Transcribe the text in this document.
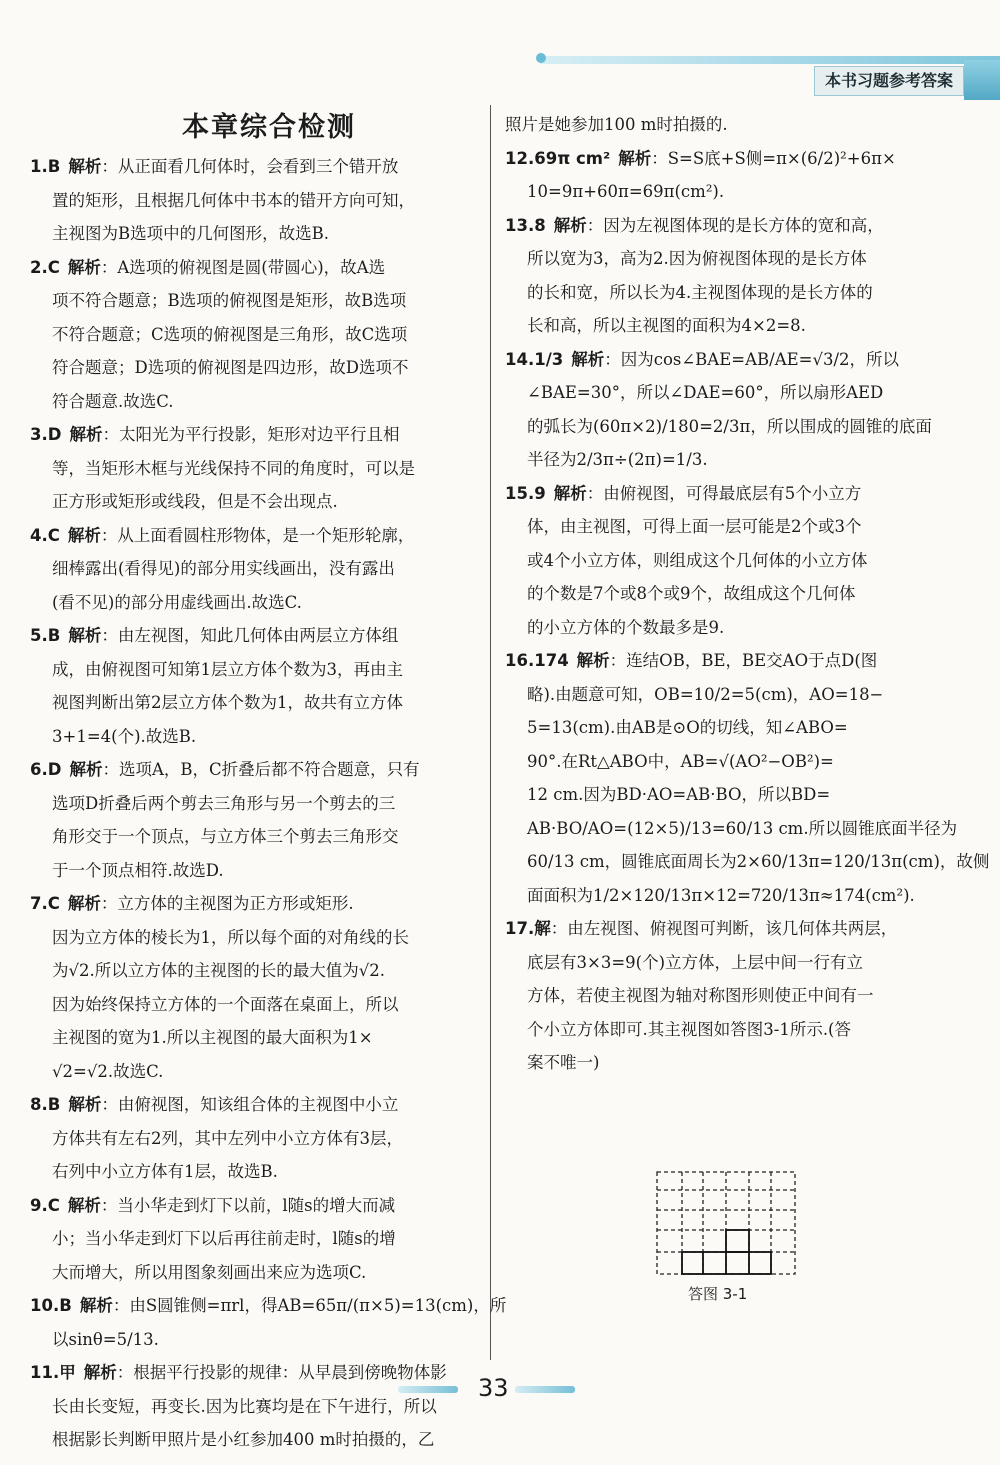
本书习题参考答案
本章综合检测
1.B 解析：从正面看几何体时，会看到三个错开放
置的矩形，且根据几何体中书本的错开方向可知，
主视图为B选项中的几何图形，故选B.
2.C 解析：A选项的俯视图是圆(带圆心)，故A选
项不符合题意；B选项的俯视图是矩形，故B选项
不符合题意；C选项的俯视图是三角形，故C选项
符合题意；D选项的俯视图是四边形，故D选项不
符合题意.故选C.
3.D 解析：太阳光为平行投影，矩形对边平行且相
等，当矩形木框与光线保持不同的角度时，可以是
正方形或矩形或线段，但是不会出现点.
4.C 解析：从上面看圆柱形物体，是一个矩形轮廓，
细棒露出(看得见)的部分用实线画出，没有露出
(看不见)的部分用虚线画出.故选C.
5.B 解析：由左视图，知此几何体由两层立方体组
成，由俯视图可知第1层立方体个数为3，再由主
视图判断出第2层立方体个数为1，故共有立方体
3+1=4(个).故选B.
6.D 解析：选项A，B，C折叠后都不符合题意，只有
选项D折叠后两个剪去三角形与另一个剪去的三
角形交于一个顶点，与立方体三个剪去三角形交
于一个顶点相符.故选D.
7.C 解析：立方体的主视图为正方形或矩形.
因为立方体的棱长为1，所以每个面的对角线的长
为√2.所以立方体的主视图的长的最大值为√2.
因为始终保持立方体的一个面落在桌面上，所以
主视图的宽为1.所以主视图的最大面积为1×
√2=√2.故选C.
8.B 解析：由俯视图，知该组合体的主视图中小立
方体共有左右2列，其中左列中小立方体有3层，
右列中小立方体有1层，故选B.
9.C 解析：当小华走到灯下以前，l随s的增大而减
小；当小华走到灯下以后再往前走时，l随s的增
大而增大，所以用图象刻画出来应为选项C.
10.B 解析：由S圆锥侧=πrl，得AB=65π/(π×5)=13(cm)，所
以sinθ=5/13.
11.甲 解析：根据平行投影的规律：从早晨到傍晚物体影
长由长变短，再变长.因为比赛均是在下午进行，所以
根据影长判断甲照片是小红参加400 m时拍摄的，乙
照片是她参加100 m时拍摄的.
12.69π cm² 解析：S=S底+S侧=π×(6/2)²+6π×
10=9π+60π=69π(cm²).
13.8 解析：因为左视图体现的是长方体的宽和高，
所以宽为3，高为2.因为俯视图体现的是长方体
的长和宽，所以长为4.主视图体现的是长方体的
长和高，所以主视图的面积为4×2=8.
14.1/3 解析：因为cos∠BAE=AB/AE=√3/2，所以
∠BAE=30°，所以∠DAE=60°，所以扇形AED
的弧长为(60π×2)/180=2/3π，所以围成的圆锥的底面
半径为2/3π÷(2π)=1/3.
15.9 解析：由俯视图，可得最底层有5个小立方
体，由主视图，可得上面一层可能是2个或3个
或4个小立方体，则组成这个几何体的小立方体
的个数是7个或8个或9个，故组成这个几何体
的小立方体的个数最多是9.
16.174 解析：连结OB，BE，BE交AO于点D(图
略).由题意可知，OB=10/2=5(cm)，AO=18−
5=13(cm).由AB是⊙O的切线，知∠ABO=
90°.在Rt△ABO中，AB=√(AO²−OB²)=
12 cm.因为BD·AO=AB·BO，所以BD=
AB·BO/AO=(12×5)/13=60/13 cm.所以圆锥底面半径为
60/13 cm，圆锥底面周长为2×60/13π=120/13π(cm)，故侧
面面积为1/2×120/13π×12=720/13π≈174(cm²).
17.解：由左视图、俯视图可判断，该几何体共两层，
底层有3×3=9(个)立方体，上层中间一行有立
方体，若使主视图为轴对称图形则使正中间有一
个小立方体即可.其主视图如答图3-1所示.(答
案不唯一)
答图 3-1
33
